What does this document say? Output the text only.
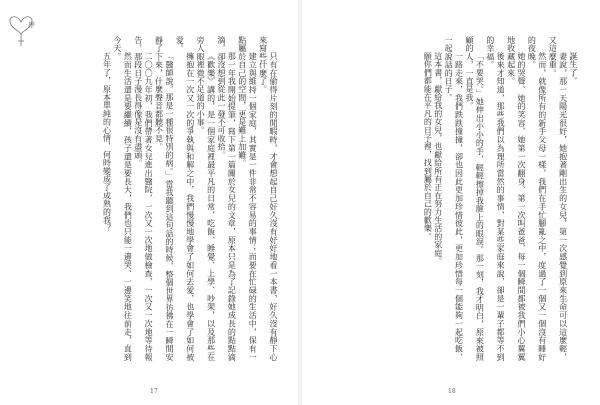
序

只有在偷得片刻的閒暇時，才會想起自己好久沒有好好地看一本書，好久沒有靜下心來寫些什麼了。

建立與維持一個家庭，其實是一件非常不容易的事情；而要在忙碌的生活中，保有一點屬於自己的空間，更是難上加難。

那一年我開始提筆，寫下第一篇關於女兒的文章，原本只是為了記錄她成長的點點滴滴，卻沒想到從此一發不可收拾。

《歡樂》講的，是一個家庭裡最平凡的日常，吃飯、睡覺、上學、吵架，以及那些在旁人眼裡微不足道的小事。

擁抱在一次又一次的爭執與和解之中，我們慢慢地學會了如何去愛，也學會了如何被愛。

「醫師說，那是一種很特別的病。」當我聽到這句話的時候，整個世界彷彿在一瞬間安靜了下來，什麼聲音都聽不見。

二〇〇九年初，我們帶著女兒進出醫院，一次又一次地做檢查，一次又一次地等待報告，那段日子漫長得像是沒有盡頭。

然而生活還是要繼續，孩子還是要長大，我們也只能一邊哭、一邊笑地往前走，直到今天。

五年了，原本單純的心情，何時變成了成熟的我？

17

誕生了。

妻說，那一天陽光很好，她抱著剛出生的女兒，第一次感覺到原來生命可以這麼輕，又這麼重。

然而，就像所有的新手父母一樣，我們在手忙腳亂之中，度過了一個又一個沒有睡好的夜晚。

她的哭聲、她的笑容、她第一次翻身、第一次叫爸爸，每一個瞬間都被我們小心翼翼地收藏起來。

後來才知道，那些我們以為理所當然的事情，對某些家庭來說，卻是一輩子都等不到的幸福。

「不要哭。」她伸出小小的手，輕輕擦掉我臉上的眼淚。那一刻，我才明白，原來被照顧的人，一直是我。

一路走來，我們跌跌撞撞，卻也因此更加珍惜彼此，更加珍惜每一個能夠一起吃飯、一起說話的日子。

這本書，獻給我的女兒，也獻給所有正在努力生活的家庭。

願你們都能在平凡的日子裡，找到屬於自己的歡樂。

18
